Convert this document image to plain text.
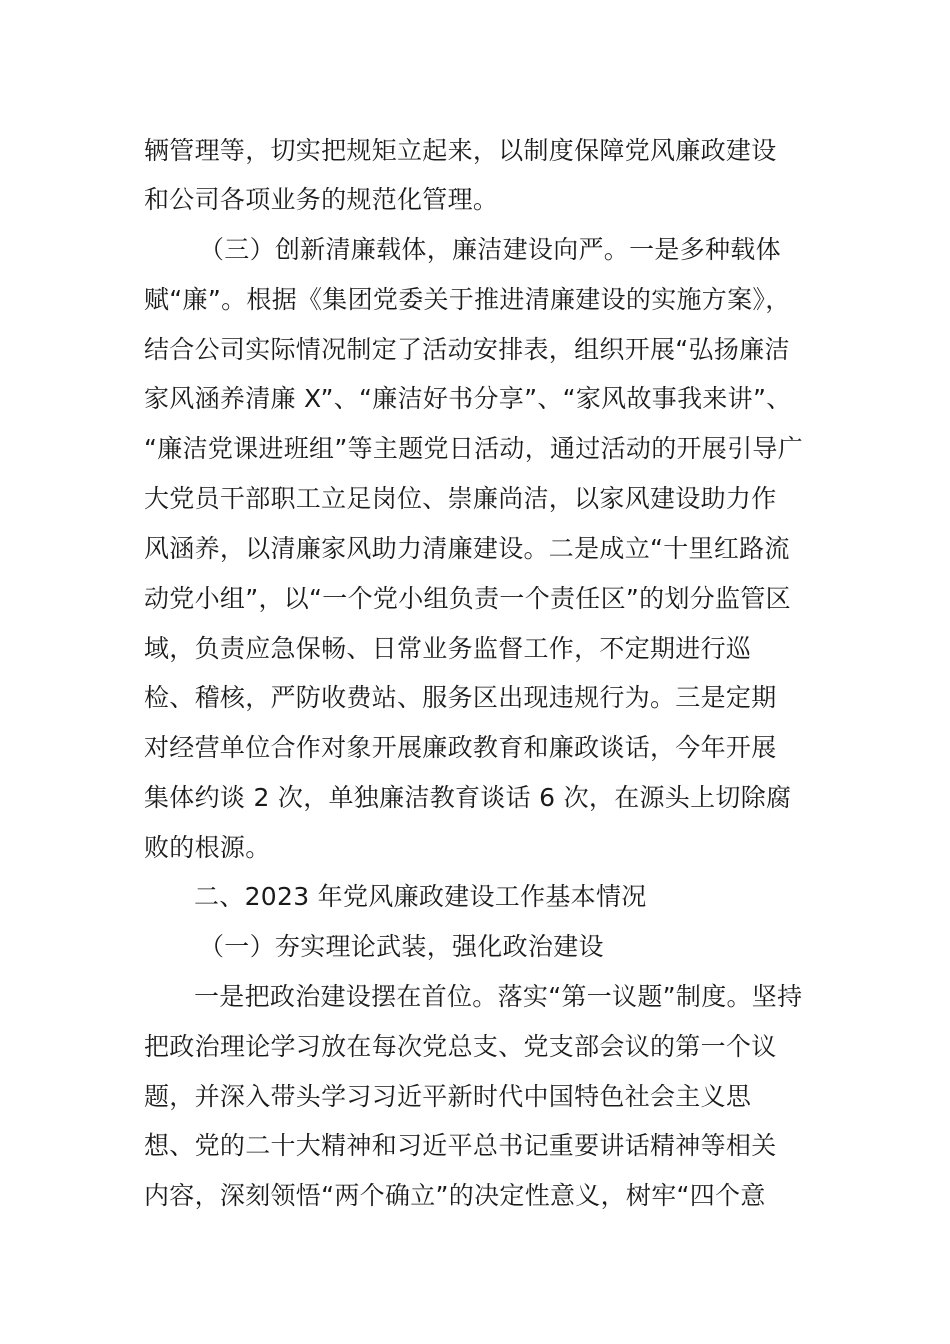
辆管理等，切实把规矩立起来，以制度保障党风廉政建设
和公司各项业务的规范化管理。
（三）创新清廉载体，廉洁建设向严。一是多种载体
赋“廉”。根据《集团党委关于推进清廉建设的实施方案》，
结合公司实际情况制定了活动安排表，组织开展“弘扬廉洁
家风涵养清廉 X”、“廉洁好书分享”、“家风故事我来讲”、
“廉洁党课进班组”等主题党日活动，通过活动的开展引导广
大党员干部职工立足岗位、崇廉尚洁，以家风建设助力作
风涵养，以清廉家风助力清廉建设。二是成立“十里红路流
动党小组”，以“一个党小组负责一个责任区”的划分监管区
域，负责应急保畅、日常业务监督工作，不定期进行巡
检、稽核，严防收费站、服务区出现违规行为。三是定期
对经营单位合作对象开展廉政教育和廉政谈话，今年开展
集体约谈 2 次，单独廉洁教育谈话 6 次，在源头上切除腐
败的根源。
二、2023 年党风廉政建设工作基本情况
（一）夯实理论武装，强化政治建设
一是把政治建设摆在首位。落实“第一议题”制度。坚持
把政治理论学习放在每次党总支、党支部会议的第一个议
题，并深入带头学习习近平新时代中国特色社会主义思
想、党的二十大精神和习近平总书记重要讲话精神等相关
内容，深刻领悟“两个确立”的决定性意义，树牢“四个意
